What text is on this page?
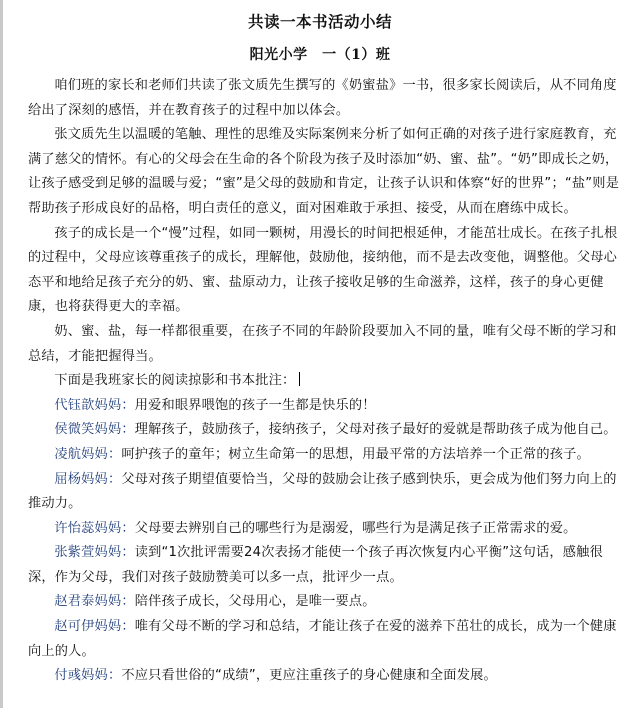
共读一本书活动小结
阳光小学　一（1）班

咱们班的家长和老师们共读了张文质先生撰写的《奶蜜盐》一书，很多家长阅读后，从不同角度给出了深刻的感悟，并在教育孩子的过程中加以体会。

张文质先生以温暖的笔触、理性的思维及实际案例来分析了如何正确的对孩子进行家庭教育，充满了慈父的情怀。有心的父母会在生命的各个阶段为孩子及时添加“奶、蜜、盐”。“奶”即成长之奶，让孩子感受到足够的温暖与爱；“蜜”是父母的鼓励和肯定，让孩子认识和体察“好的世界”；“盐”则是帮助孩子形成良好的品格，明白责任的意义，面对困难敢于承担、接受，从而在磨练中成长。

孩子的成长是一个“慢”过程，如同一颗树，用漫长的时间把根延伸，才能茁壮成长。在孩子扎根的过程中，父母应该尊重孩子的成长，理解他，鼓励他，接纳他，而不是去改变他，调整他。父母心态平和地给足孩子充分的奶、蜜、盐原动力，让孩子接收足够的生命滋养，这样，孩子的身心更健康，也将获得更大的幸福。

奶、蜜、盐，每一样都很重要，在孩子不同的年龄阶段要加入不同的量，唯有父母不断的学习和总结，才能把握得当。

下面是我班家长的阅读掠影和书本批注：

代钰歆妈妈：用爱和眼界喂饱的孩子一生都是快乐的！

侯微笑妈妈：理解孩子，鼓励孩子，接纳孩子，父母对孩子最好的爱就是帮助孩子成为他自己。

凌航妈妈：呵护孩子的童年；树立生命第一的思想，用最平常的方法培养一个正常的孩子。

屈杨妈妈：父母对孩子期望值要恰当，父母的鼓励会让孩子感到快乐，更会成为他们努力向上的推动力。

许怡蕊妈妈：父母要去辨别自己的哪些行为是溺爱，哪些行为是满足孩子正常需求的爱。

张紫萱妈妈：读到“1次批评需要24次表扬才能使一个孩子再次恢复内心平衡”这句话，感触很深，作为父母，我们对孩子鼓励赞美可以多一点，批评少一点。

赵君泰妈妈：陪伴孩子成长，父母用心，是唯一要点。

赵可伊妈妈：唯有父母不断的学习和总结，才能让孩子在爱的滋养下茁壮的成长，成为一个健康向上的人。

付彧妈妈：不应只看世俗的“成绩”，更应注重孩子的身心健康和全面发展。
